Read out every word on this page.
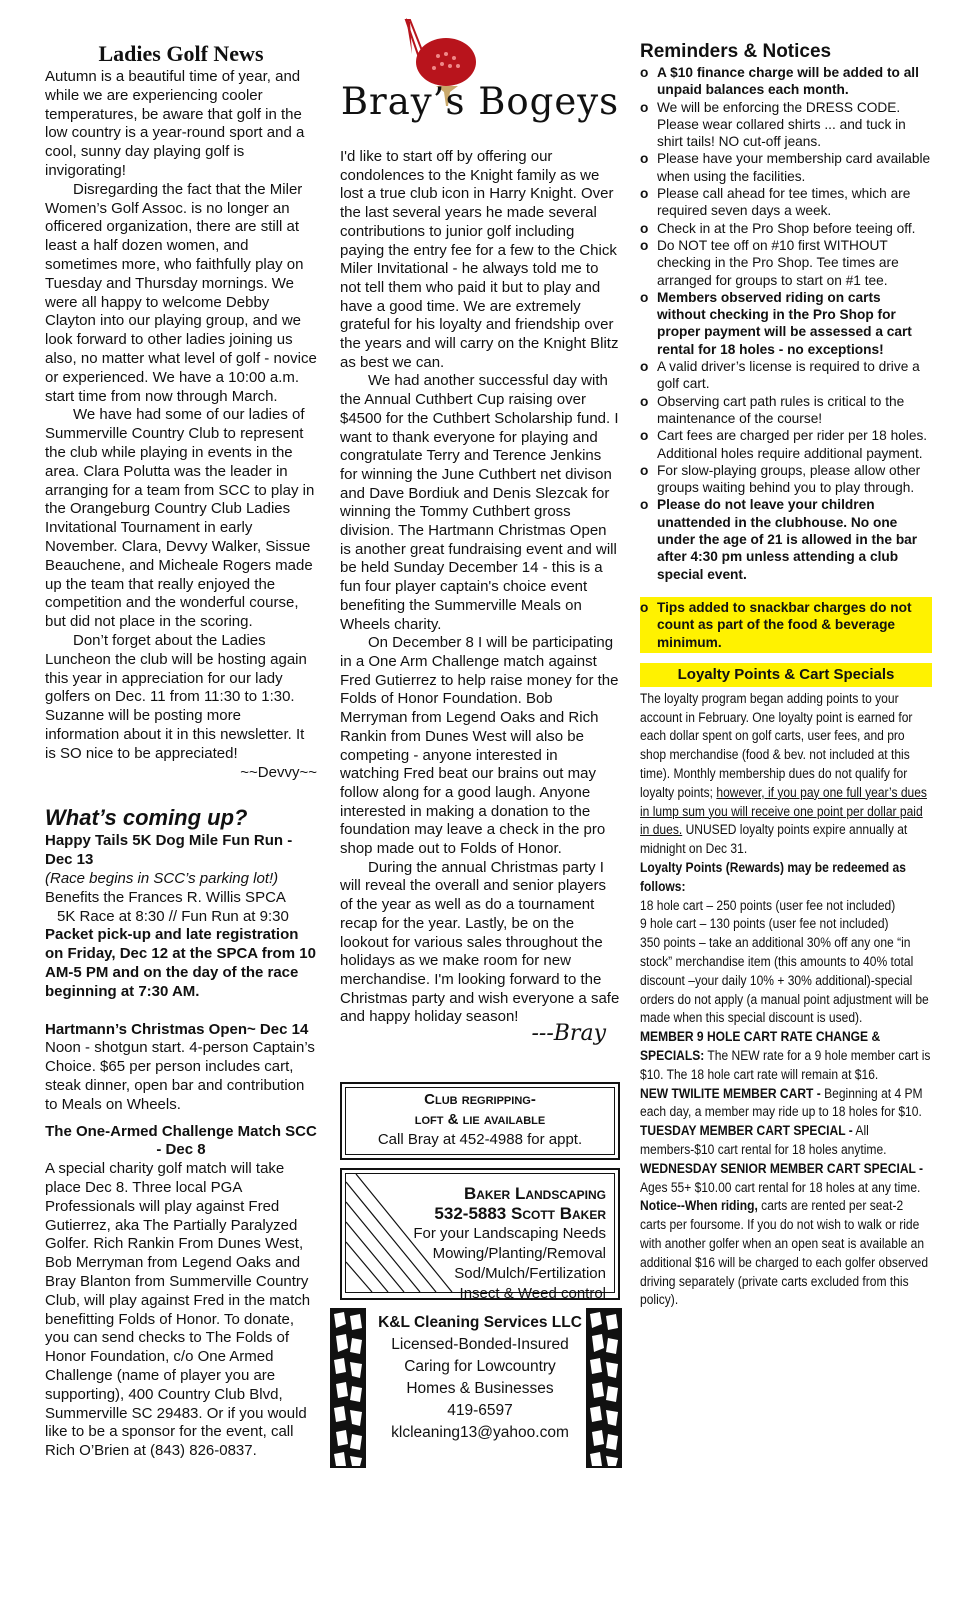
Ladies Golf News

Autumn is a beautiful time of year, and while we are experiencing cooler temperatures, be aware that golf in the low country is a year-round sport and a cool, sunny day playing golf is invigorating!

Disregarding the fact that the Miler Women’s Golf Assoc. is no longer an officered organization, there are still at least a half dozen women, and sometimes more, who faithfully play on Tuesday and Thursday mornings. We were all happy to welcome Debby Clayton into our playing group, and we look forward to other ladies joining us also, no matter what level of golf - novice or experienced. We have a 10:00 a.m. start time from now through March.

We have had some of our ladies of Summerville Country Club to represent the club while playing in events in the area. Clara Polutta was the leader in arranging for a team from SCC to play in the Orangeburg Country Club Ladies Invitational Tournament in early November. Clara, Devvy Walker, Sissue Beauchene, and Micheale Rogers made up the team that really enjoyed the competition and the wonderful course, but did not place in the scoring.

Don’t forget about the Ladies Luncheon the club will be hosting again this year in appreciation for our lady golfers on Dec. 11 from 11:30 to 1:30. Suzanne will be posting more information about it in this newsletter. It is SO nice to be appreciated!

~~Devvy~~
What’s coming up?

Happy Tails 5K Dog Mile Fun Run - Dec 13

(Race begins in SCC’s parking lot!)

Benefits the Frances R. Willis SPCA

5K Race at 8:30 // Fun Run at 9:30

Packet pick-up and late registration on Friday, Dec 12 at the SPCA from 10 AM-5 PM and on the day of the race beginning at 7:30 AM.

Hartmann’s Christmas Open~ Dec 14

Noon - shotgun start. 4-person Captain’s Choice. $65 per person includes cart, steak dinner, open bar and contribution to Meals on Wheels.

The One-Armed Challenge Match SCC - Dec 8

A special charity golf match will take place Dec 8. Three local PGA Professionals will play against Fred Gutierrez, aka The Partially Paralyzed Golfer. Rich Rankin From Dunes West, Bob Merryman from Legend Oaks and Bray Blanton from Summerville Country Club, will play against Fred in the match benefitting Folds of Honor. To donate, you can send checks to The Folds of Honor Foundation, c/o One Armed Challenge (name of player you are supporting), 400 Country Club Blvd, Summerville SC 29483. Or if you would like to be a sponsor for the event, call Rich O’Brien at (843) 826-0837.

Bray’s Bogeys

I'd like to start off by offering our condolences to the Knight family as we lost a true club icon in Harry Knight. Over the last several years he made several contributions to junior golf including paying the entry fee for a few to the Chick Miler Invitational - he always told me to not tell them who paid it but to play and have a good time. We are extremely grateful for his loyalty and friendship over the years and will carry on the Knight Blitz as best we can.

We had another successful day with the Annual Cuthbert Cup raising over $4500 for the Cuthbert Scholarship fund. I want to thank everyone for playing and congratulate Terry and Terence Jenkins for winning the June Cuthbert net divison and Dave Bordiuk and Denis Slezcak for winning the Tommy Cuthbert gross division. The Hartmann Christmas Open is another great fundraising event and will be held Sunday December 14 - this is a fun four player captain's choice event benefiting the Summerville Meals on Wheels charity.

On December 8 I will be participating in a One Arm Challenge match against Fred Gutierrez to help raise money for the Folds of Honor Foundation. Bob Merryman from Legend Oaks and Rich Rankin from Dunes West will also be competing - anyone interested in watching Fred beat our brains out may follow along for a good laugh. Anyone interested in making a donation to the foundation may leave a check in the pro shop made out to Folds of Honor.

During the annual Christmas party I will reveal the overall and senior players of the year as well as do a tournament recap for the year. Lastly, be on the lookout for various sales throughout the holidays as we make room for new merchandise. I'm looking forward to the Christmas party and wish everyone a safe and happy holiday season!

---Bray
Club regripping-
loft & lie available
Call Bray at 452-4988 for appt.
Baker Landscaping
532-5883 Scott Baker
For your Landscaping Needs
Mowing/Planting/Removal
Sod/Mulch/Fertilization
Insect & Weed control
K&L Cleaning Services LLC
Licensed-Bonded-Insured
Caring for Lowcountry
Homes & Businesses
419-6597
klcleaning13@yahoo.com
Reminders & Notices
o A $10 finance charge will be added to all unpaid balances each month.
o We will be enforcing the DRESS CODE. Please wear collared shirts ... and tuck in shirt tails! NO cut-off jeans.
o Please have your membership card available when using the facilities.
o Please call ahead for tee times, which are required seven days a week.
o Check in at the Pro Shop before teeing off.
o Do NOT tee off on #10 first WITHOUT checking in the Pro Shop. Tee times are arranged for groups to start on #1 tee.
o Members observed riding on carts without checking in the Pro Shop for proper payment will be assessed a cart rental for 18 holes - no exceptions!
o A valid driver’s license is required to drive a golf cart.
o Observing cart path rules is critical to the maintenance of the course!
o Cart fees are charged per rider per 18 holes. Additional holes require additional payment.
o For slow-playing groups, please allow other groups waiting behind you to play through.
o Please do not leave your children unattended in the clubhouse. No one under the age of 21 is allowed in the bar after 4:30 pm unless attending a club special event.
o Tips added to snackbar charges do not count as part of the food & beverage minimum.
Loyalty Points & Cart Specials

The loyalty program began adding points to your account in February. One loyalty point is earned for each dollar spent on golf carts, user fees, and pro shop merchandise (food & bev. not included at this time). Monthly membership dues do not qualify for loyalty points; however, if you pay one full year’s dues in lump sum you will receive one point per dollar paid in dues. UNUSED loyalty points expire annually at midnight on Dec 31.

Loyalty Points (Rewards) may be redeemed as follows:

18 hole cart – 250 points (user fee not included)

9 hole cart – 130 points (user fee not included)

350 points – take an additional 30% off any one “in stock” merchandise item (this amounts to 40% total discount –your daily 10% + 30% additional)-special orders do not apply (a manual point adjustment will be made when this special discount is used).

MEMBER 9 HOLE CART RATE CHANGE & SPECIALS: The NEW rate for a 9 hole member cart is $10. The 18 hole cart rate will remain at $16.

NEW TWILITE MEMBER CART - Beginning at 4 PM each day, a member may ride up to 18 holes for $10.

TUESDAY MEMBER CART SPECIAL - All members-$10 cart rental for 18 holes anytime.

WEDNESDAY SENIOR MEMBER CART SPECIAL - Ages 55+ $10.00 cart rental for 18 holes at any time.

Notice--When riding, carts are rented per seat-2 carts per foursome. If you do not wish to walk or ride with another golfer when an open seat is available an additional $16 will be charged to each golfer observed driving separately (private carts excluded from this policy).
